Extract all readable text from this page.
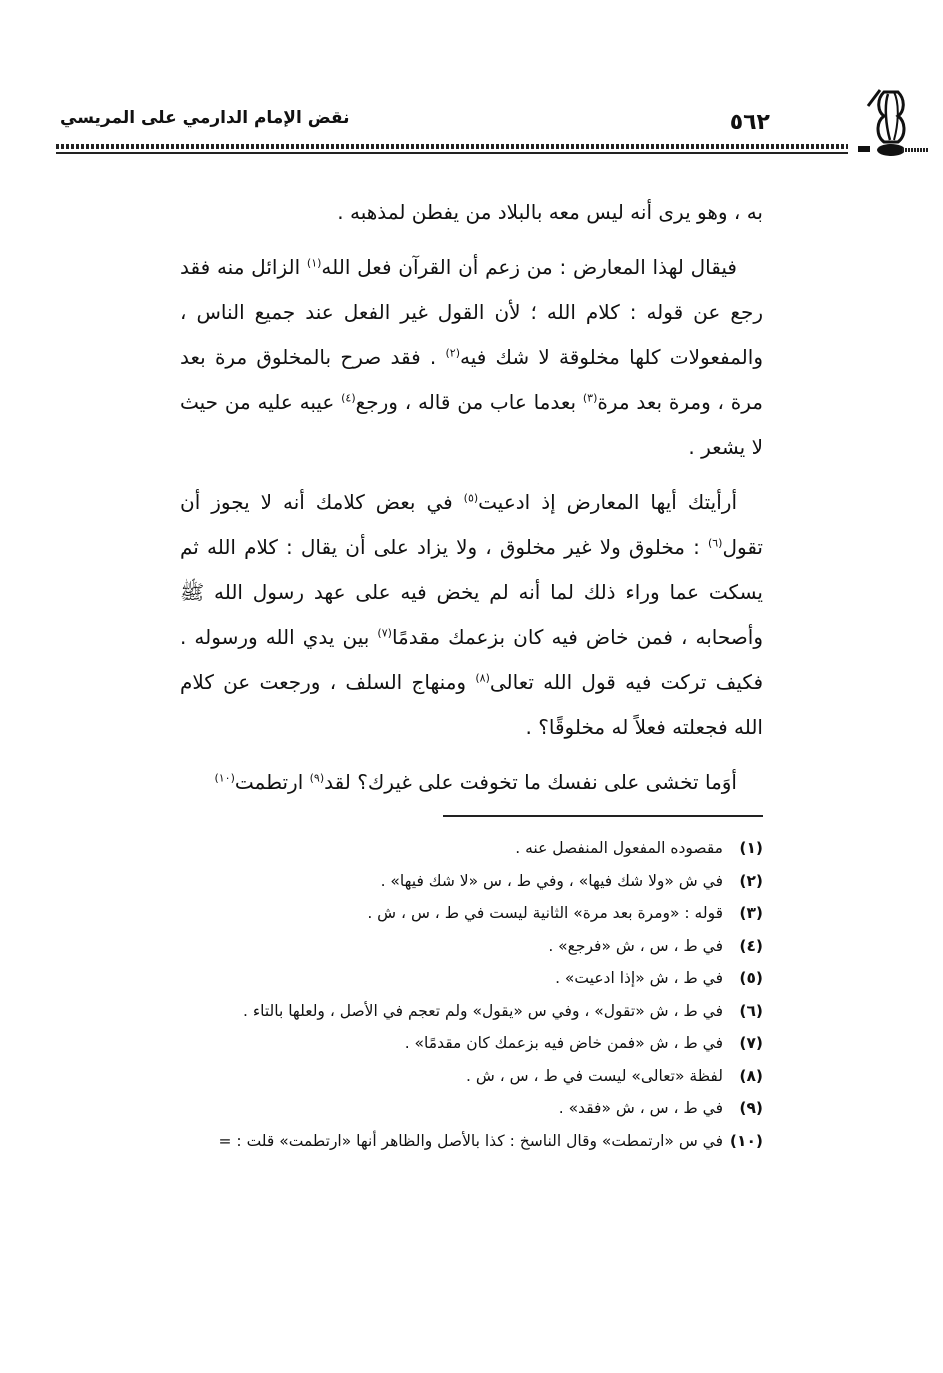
٥٦٢
نقض الإمام الدارمي على المريسي

به ، وهو يرى أنه ليس معه بالبلاد من يفطن لمذهبه .

فيقال لهذا المعارض : من زعم أن القرآن فعل الله$^{(١)}$ الزائل منه فقد رجع عن قوله : كلام الله ؛ لأن القول غير الفعل عند جميع الناس ، والمفعولات كلها مخلوقة لا شك فيه$^{(٢)}$ . فقد صرح بالمخلوق مرة بعد مرة ، ومرة بعد مرة$^{(٣)}$ بعدما عاب من قاله ، ورجع$^{(٤)}$ عيبه عليه من حيث لا يشعر .

أرأيتك أيها المعارض إذ ادعيت$^{(٥)}$ في بعض كلامك أنه لا يجوز أن تقول$^{(٦)}$ : مخلوق ولا غير مخلوق ، ولا يزاد على أن يقال : كلام الله ثم يسكت عما وراء ذلك لما أنه لم يخض فيه على عهد رسول الله ﷺ وأصحابه ، فمن خاض فيه كان بزعمك مقدمًا$^{(٧)}$ بين يدي الله ورسوله . فكيف تركت فيه قول الله تعالى$^{(٨)}$ ومنهاج السلف ، ورجعت عن كلام الله فجعلته فعلاً له مخلوقًا؟ .

أوَما تخشى على نفسك ما تخوفت على غيرك؟ لقد$^{(٩)}$ ارتطمت$^{(١٠)}$

(١)مقصوده المفعول المنفصل عنه .
(٢)في ش «ولا شك فيها» ، وفي ط ، س «لا شك فيها» .
(٣)قوله : «ومرة بعد مرة» الثانية ليست في ط ، س ، ش .
(٤)في ط ، س ، ش «فرجع» .
(٥)في ط ، ش «إذا ادعيت» .
(٦)في ط ، ش «تقول» ، وفي س «يقول» ولم تعجم في الأصل ، ولعلها بالتاء .
(٧)في ط ، ش «فمن خاض فيه بزعمك كان مقدمًا» .
(٨)لفظة «تعالى» ليست في ط ، س ، ش .
(٩)في ط ، س ، ش «فقد» .
(١٠)في س «ارتمطت» وقال الناسخ : كذا بالأصل والظاهر أنها «ارتطمت» قلت : =
